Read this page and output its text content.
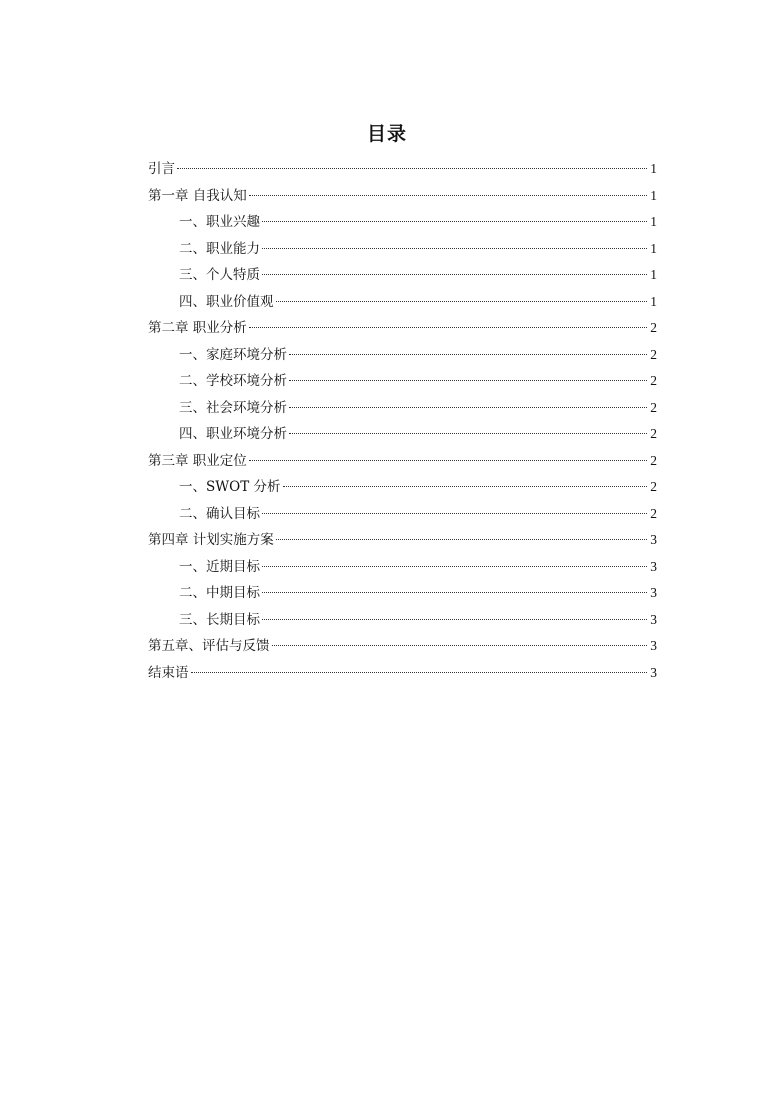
目录
引言	1
第一章 自我认知	1
一、职业兴趣	1
二、职业能力	1
三、个人特质	1
四、职业价值观	1
第二章 职业分析	2
一、家庭环境分析	2
二、学校环境分析	2
三、社会环境分析	2
四、职业环境分析	2
第三章 职业定位	2
一、SWOT 分析	2
二、确认目标	2
第四章 计划实施方案	3
一、近期目标	3
二、中期目标	3
三、长期目标	3
第五章、评估与反馈	3
结束语	3
